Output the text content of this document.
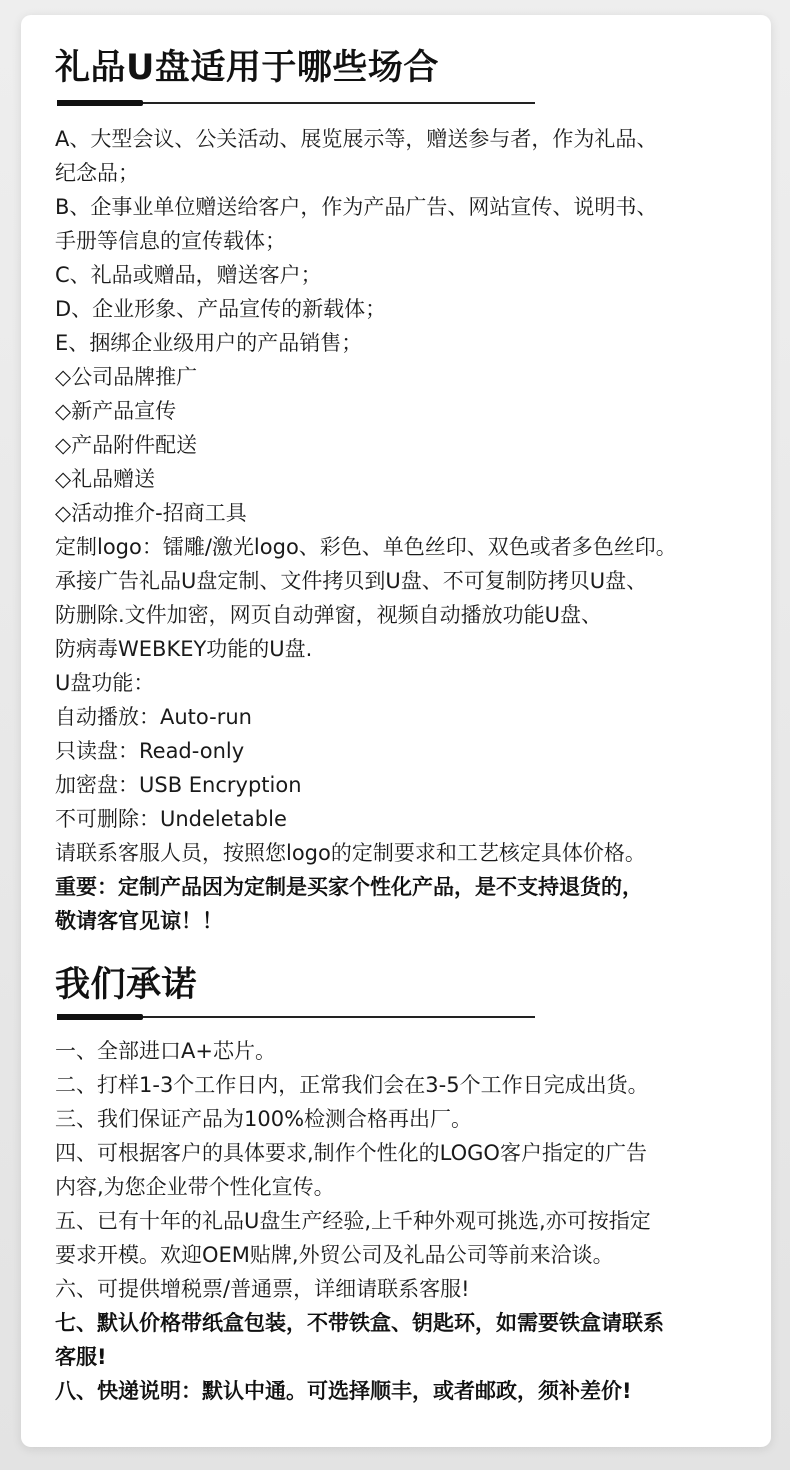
礼品U盘适用于哪些场合
A、大型会议、公关活动、展览展示等，赠送参与者，作为礼品、
纪念品；
B、企事业单位赠送给客户，作为产品广告、网站宣传、说明书、
手册等信息的宣传载体；
C、礼品或赠品，赠送客户；
D、企业形象、产品宣传的新载体；
E、捆绑企业级用户的产品销售；
◇公司品牌推广
◇新产品宣传
◇产品附件配送
◇礼品赠送
◇活动推介-招商工具
定制logo：镭雕/激光logo、彩色、单色丝印、双色或者多色丝印。
承接广告礼品U盘定制、文件拷贝到U盘、不可复制防拷贝U盘、
防删除.文件加密，网页自动弹窗，视频自动播放功能U盘、
防病毒WEBKEY功能的U盘.
U盘功能：
自动播放：Auto-run
只读盘：Read-only
加密盘：USB Encryption
不可删除：Undeletable
请联系客服人员，按照您logo的定制要求和工艺核定具体价格。
重要：定制产品因为定制是买家个性化产品，是不支持退货的，
敬请客官见谅！！
我们承诺
一、全部进口A+芯片。
二、打样1-3个工作日内，正常我们会在3-5个工作日完成出货。
三、我们保证产品为100%检测合格再出厂。
四、可根据客户的具体要求,制作个性化的LOGO客户指定的广告
内容,为您企业带个性化宣传。
五、已有十年的礼品U盘生产经验,上千种外观可挑选,亦可按指定
要求开模。欢迎OEM贴牌,外贸公司及礼品公司等前来洽谈。
六、可提供增税票/普通票，详细请联系客服!
七、默认价格带纸盒包装，不带铁盒、钥匙环，如需要铁盒请联系
客服!
八、快递说明：默认中通。可选择顺丰，或者邮政，须补差价!
